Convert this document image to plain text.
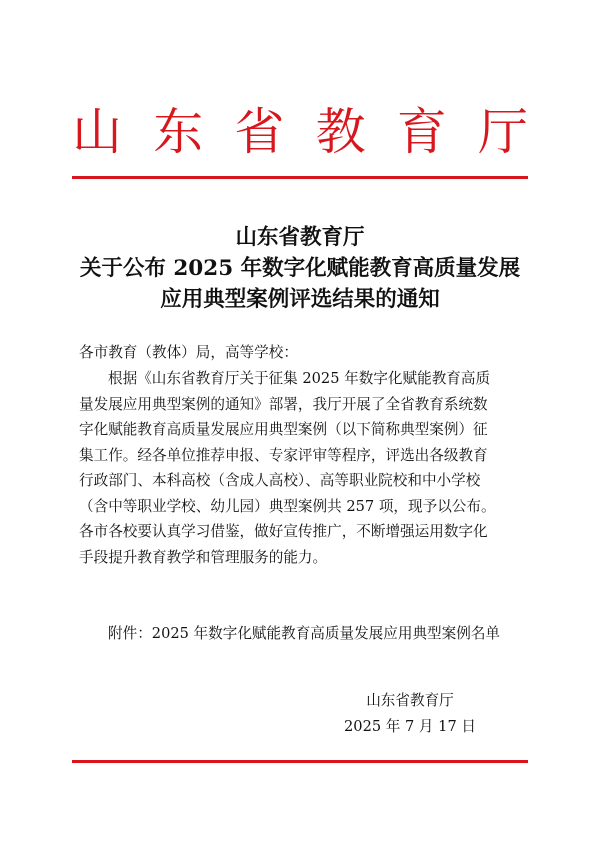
山 东 省 教 育 厅
山东省教育厅
关于公布 2025 年数字化赋能教育高质量发展
应用典型案例评选结果的通知
各市教育（教体）局，高等学校：
根据《山东省教育厅关于征集 2025 年数字化赋能教育高质
量发展应用典型案例的通知》部署，我厅开展了全省教育系统数
字化赋能教育高质量发展应用典型案例（以下简称典型案例）征
集工作。经各单位推荐申报、专家评审等程序，评选出各级教育
行政部门、本科高校（含成人高校）、高等职业院校和中小学校
（含中等职业学校、幼儿园）典型案例共 257 项，现予以公布。
各市各校要认真学习借鉴，做好宣传推广，不断增强运用数字化
手段提升教育教学和管理服务的能力。
附件：2025 年数字化赋能教育高质量发展应用典型案例名单
山东省教育厅
2025 年 7 月 17 日
